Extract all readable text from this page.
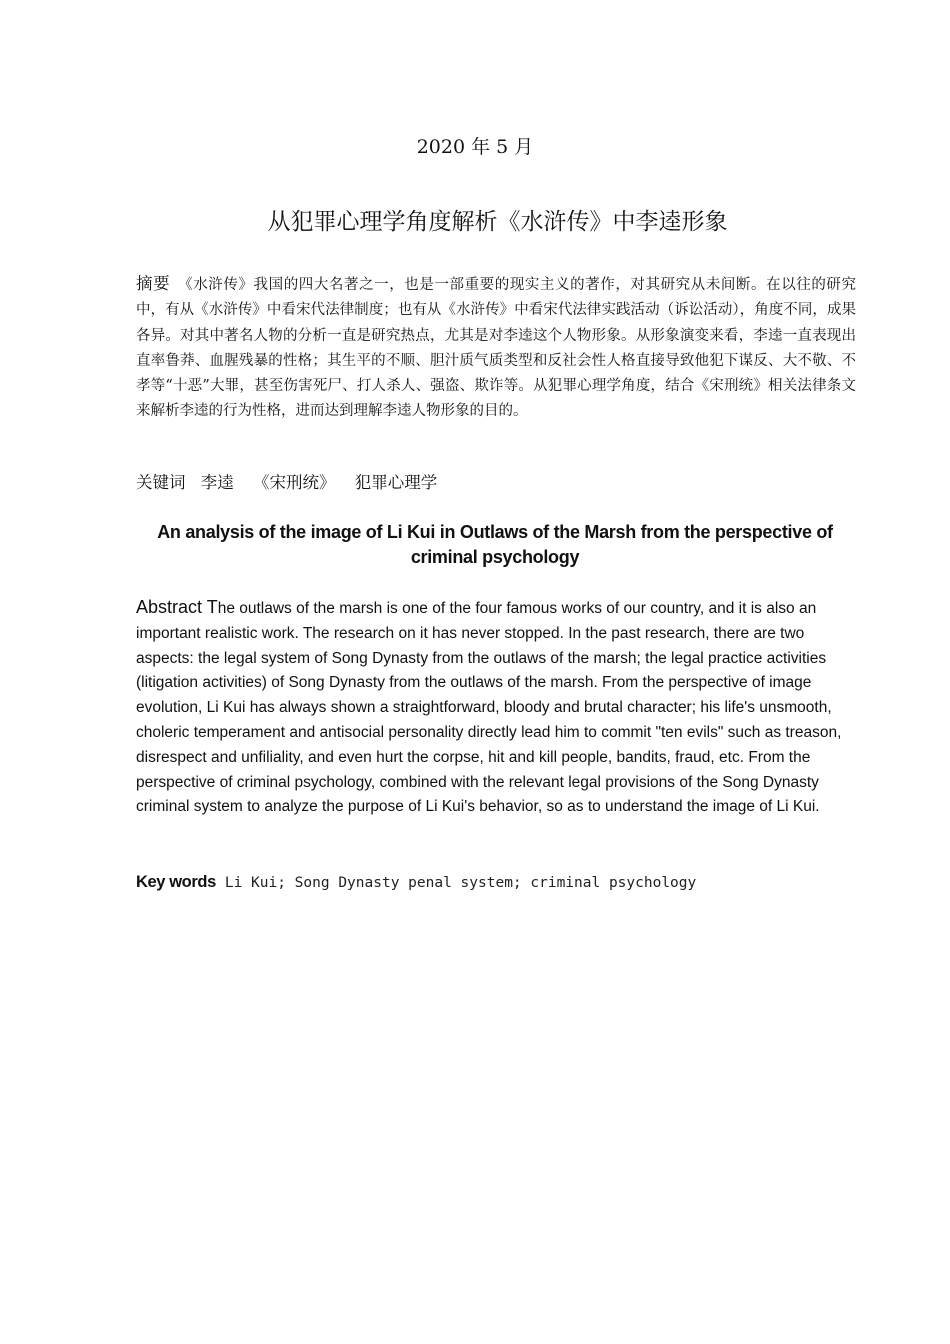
2020 年 5 月
从犯罪心理学角度解析《水浒传》中李逵形象
摘要 《水浒传》我国的四大名著之一，也是一部重要的现实主义的著作，对其研究从未间断。在以往的研究中，有从《水浒传》中看宋代法律制度；也有从《水浒传》中看宋代法律实践活动（诉讼活动），角度不同，成果各异。对其中著名人物的分析一直是研究热点，尤其是对李逵这个人物形象。从形象演变来看，李逵一直表现出直率鲁莽、血腥残暴的性格；其生平的不顺、胆汁质气质类型和反社会性人格直接导致他犯下谋反、大不敬、不孝等“十恶”大罪，甚至伤害死尸、打人杀人、强盗、欺诈等。从犯罪心理学角度，结合《宋刑统》相关法律条文来解析李逵的行为性格，进而达到理解李逵人物形象的目的。
关键词 李逵 《宋刑统》 犯罪心理学
An analysis of the image of Li Kui in Outlaws of the Marsh from the perspective of criminal psychology
Abstract The outlaws of the marsh is one of the four famous works of our country, and it is also an important realistic work. The research on it has never stopped. In the past research, there are two aspects: the legal system of Song Dynasty from the outlaws of the marsh; the legal practice activities (litigation activities) of Song Dynasty from the outlaws of the marsh. From the perspective of image evolution, Li Kui has always shown a straightforward, bloody and brutal character; his life's unsmooth, choleric temperament and antisocial personality directly lead him to commit "ten evils" such as treason, disrespect and unfiliality, and even hurt the corpse, hit and kill people, bandits, fraud, etc. From the perspective of criminal psychology, combined with the relevant legal provisions of the Song Dynasty criminal system to analyze the purpose of Li Kui's behavior, so as to understand the image of Li Kui.
Key words Li Kui; Song Dynasty penal system; criminal psychology
